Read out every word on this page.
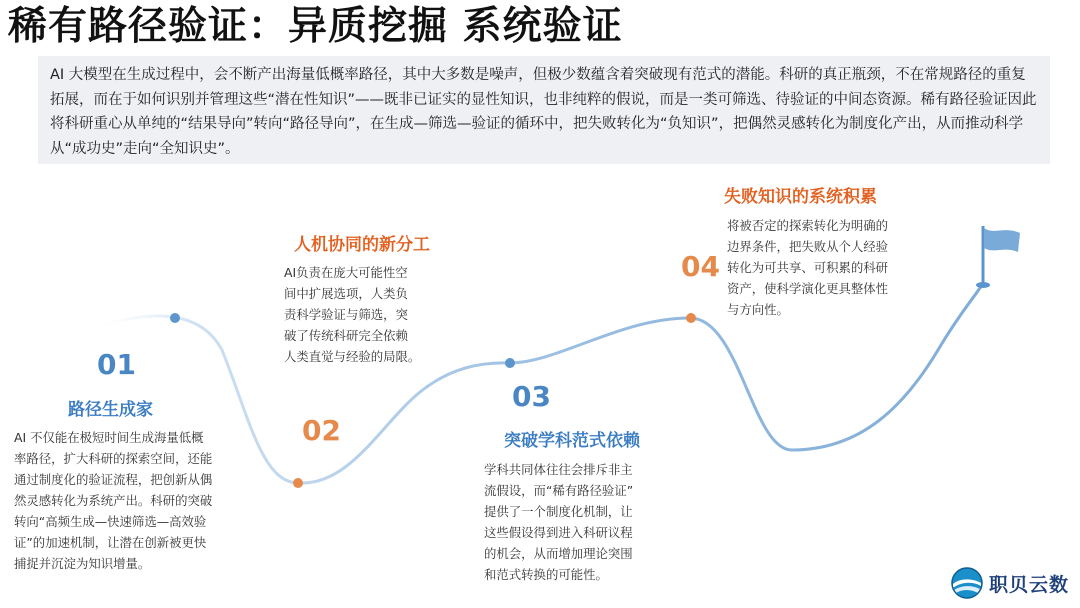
稀有路径验证：异质挖掘 系统验证
AI 大模型在生成过程中，会不断产出海量低概率路径，其中大多数是噪声，但极少数蕴含着突破现有范式的潜能。科研的真正瓶颈，不在常规路径的重复拓展，而在于如何识别并管理这些“潜在性知识”——既非已证实的显性知识，也非纯粹的假说，而是一类可筛选、待验证的中间态资源。稀有路径验证因此将科研重心从单纯的“结果导向”转向“路径导向”，在生成—筛选—验证的循环中，把失败转化为“负知识”，把偶然灵感转化为制度化产出，从而推动科学从“成功史”走向“全知识史”。
01
路径生成家
AI 不仅能在极短时间生成海量低概
率路径，扩大科研的探索空间，还能
通过制度化的验证流程，把创新从偶
然灵感转化为系统产出。科研的突破
转向“高频生成—快速筛选—高效验
证”的加速机制，让潜在创新被更快
捕捉并沉淀为知识增量。
02
人机协同的新分工
AI负责在庞大可能性空
间中扩展选项，人类负
责科学验证与筛选，突
破了传统科研完全依赖
人类直觉与经验的局限。
03
突破学科范式依赖
学科共同体往往会排斥非主
流假设，而“稀有路径验证”
提供了一个制度化机制，让
这些假设得到进入科研议程
的机会，从而增加理论突围
和范式转换的可能性。
04
失败知识的系统积累
将被否定的探索转化为明确的
边界条件，把失败从个人经验
转化为可共享、可积累的科研
资产，使科学演化更具整体性
与方向性。
职贝云数
